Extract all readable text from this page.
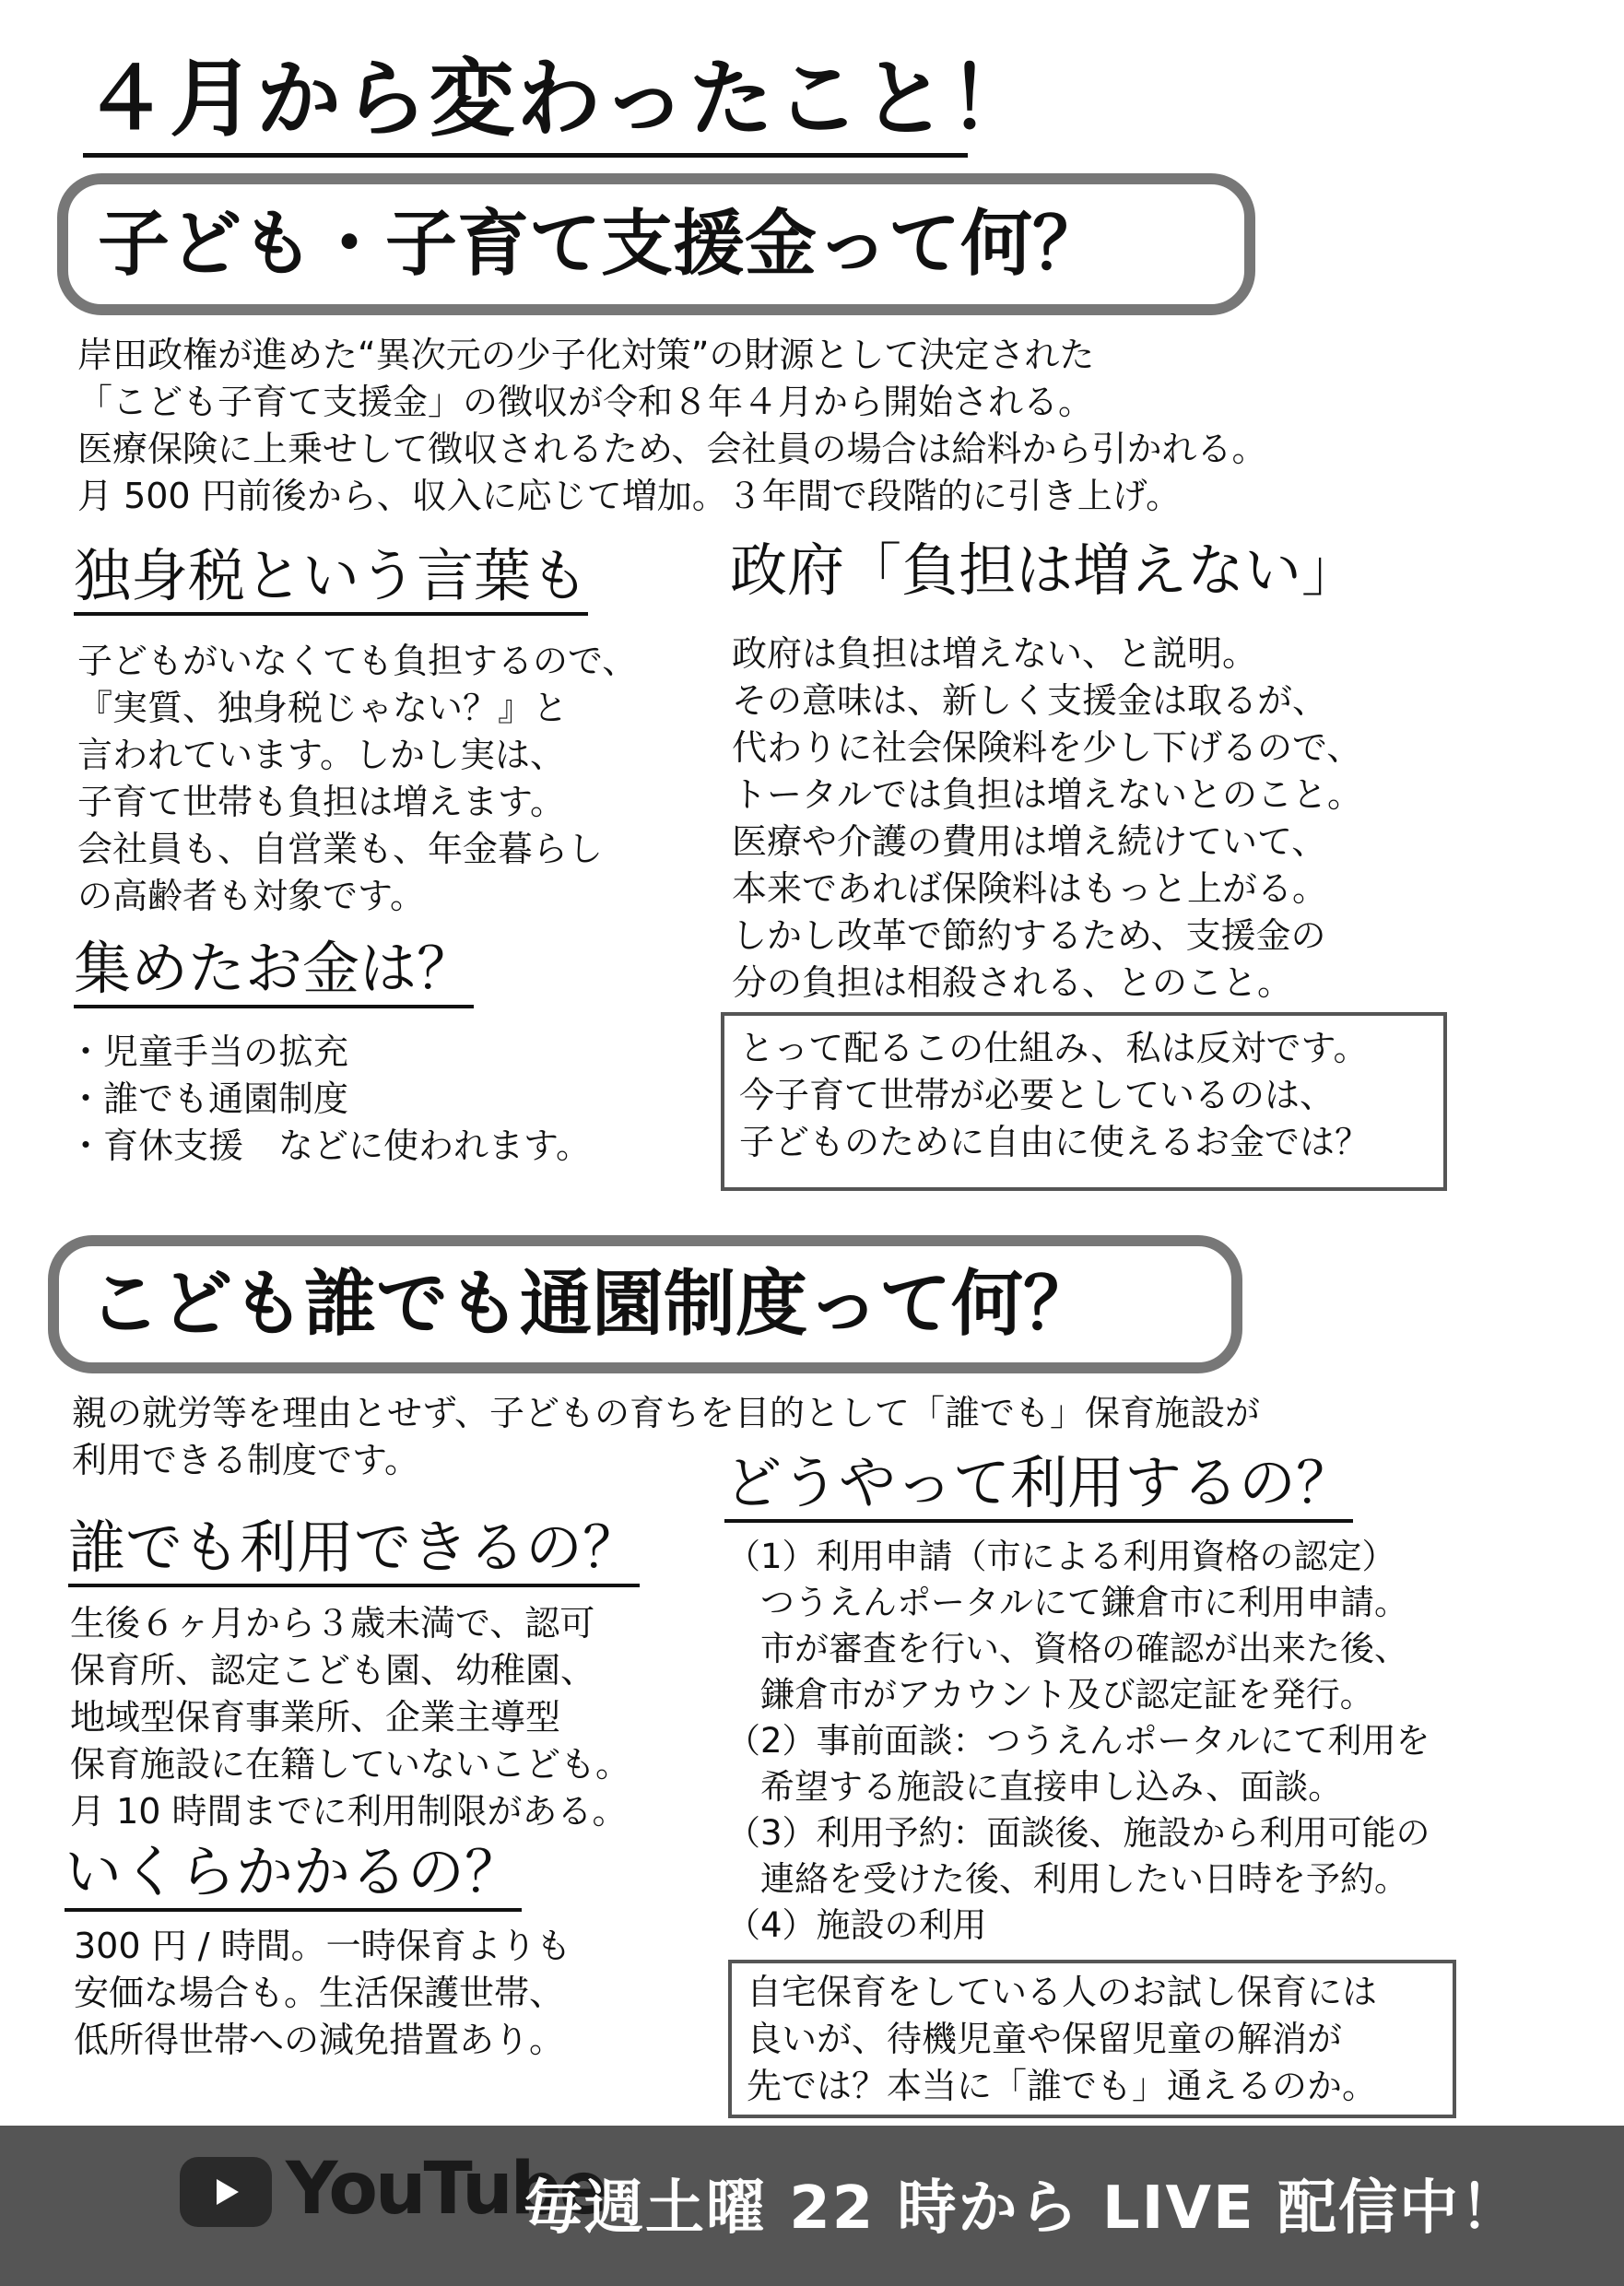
４月から変わったこと！
子ども・子育て支援金って何？
岸田政権が進めた“異次元の少子化対策”の財源として決定された
「こども子育て支援金」の徴収が令和８年４月から開始される。
医療保険に上乗せして徴収されるため、会社員の場合は給料から引かれる。
月 500 円前後から、収入に応じて増加。３年間で段階的に引き上げ。
独身税という言葉も
子どもがいなくても負担するので、
『実質、独身税じゃない？』と
言われています。しかし実は、
子育て世帯も負担は増えます。
会社員も、自営業も、年金暮らし
の高齢者も対象です。
集めたお金は？
・児童手当の拡充
・誰でも通園制度
・育休支援　などに使われます。
政府「負担は増えない」
政府は負担は増えない、と説明。
その意味は、新しく支援金は取るが、
代わりに社会保険料を少し下げるので、
トータルでは負担は増えないとのこと。
医療や介護の費用は増え続けていて、
本来であれば保険料はもっと上がる。
しかし改革で節約するため、支援金の
分の負担は相殺される、とのこと。
とって配るこの仕組み、私は反対です。
今子育て世帯が必要としているのは、
子どものために自由に使えるお金では？
こども誰でも通園制度って何？
親の就労等を理由とせず、子どもの育ちを目的として「誰でも」保育施設が
利用できる制度です。
誰でも利用できるの？
生後６ヶ月から３歳未満で、認可
保育所、認定こども園、幼稚園、
地域型保育事業所、企業主導型
保育施設に在籍していないこども。
月 10 時間までに利用制限がある。
いくらかかるの？
300 円 / 時間。一時保育よりも
安価な場合も。生活保護世帯、
低所得世帯への減免措置あり。
どうやって利用するの？
（1）利用申請（市による利用資格の認定）
　つうえんポータルにて鎌倉市に利用申請。
　市が審査を行い、資格の確認が出来た後、
　鎌倉市がアカウント及び認定証を発行。
（2）事前面談：つうえんポータルにて利用を
　希望する施設に直接申し込み、面談。
（3）利用予約：面談後、施設から利用可能の
　連絡を受けた後、利用したい日時を予約。
（4）施設の利用
自宅保育をしている人のお試し保育には
良いが、待機児童や保留児童の解消が
先では？本当に「誰でも」通えるのか。
YouTube
毎週土曜 22 時から LIVE 配信中！
